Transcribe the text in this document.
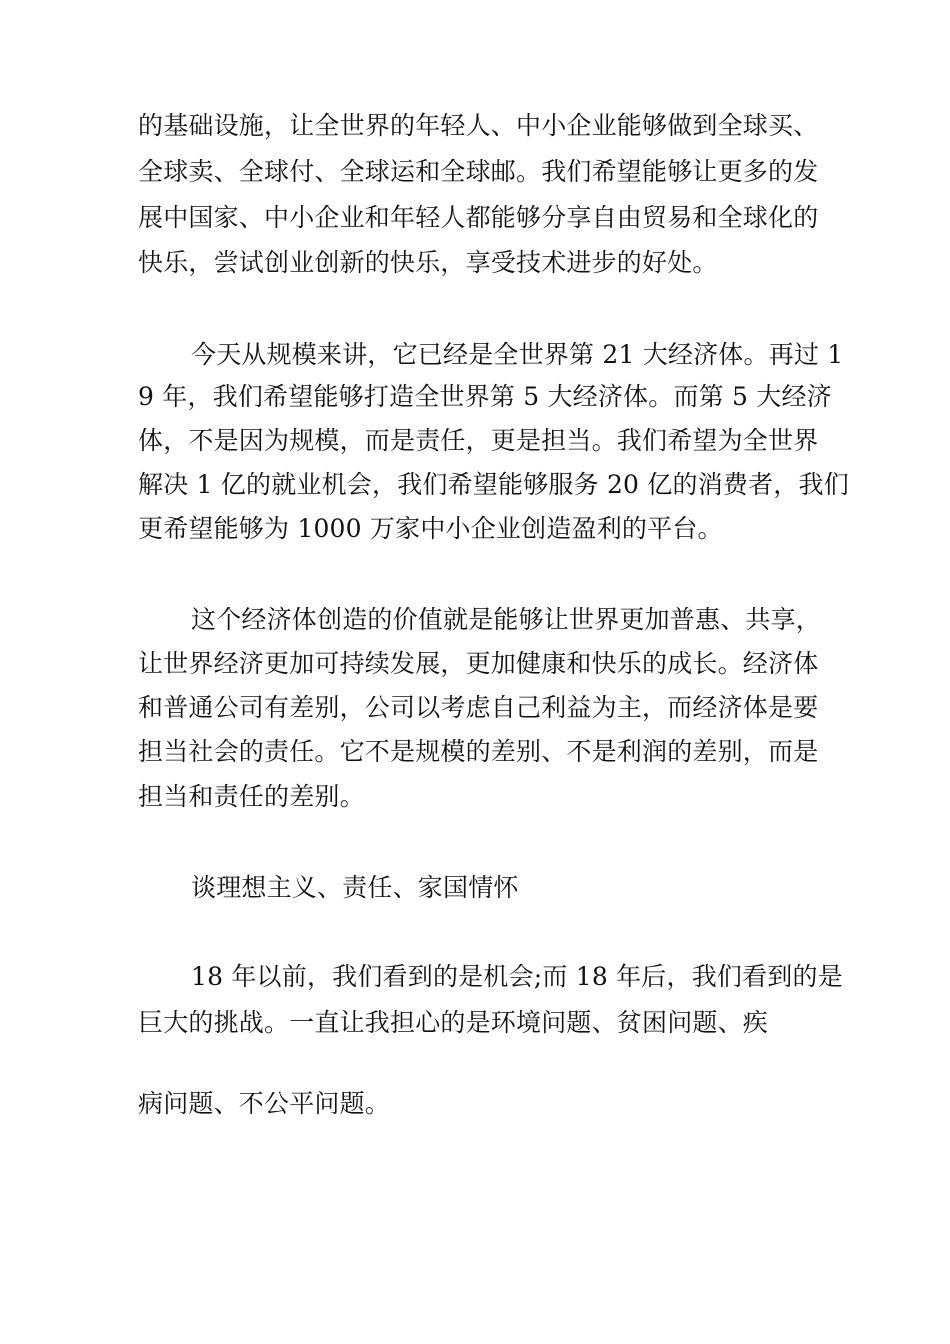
的基础设施，让全世界的年轻人、中小企业能够做到全球买、
全球卖、全球付、全球运和全球邮。我们希望能够让更多的发
展中国家、中小企业和年轻人都能够分享自由贸易和全球化的
快乐，尝试创业创新的快乐，享受技术进步的好处。
今天从规模来讲，它已经是全世界第 21 大经济体。再过 1
9 年，我们希望能够打造全世界第 5 大经济体。而第 5 大经济
体，不是因为规模，而是责任，更是担当。我们希望为全世界
解决 1 亿的就业机会，我们希望能够服务 20 亿的消费者，我们
更希望能够为 1000 万家中小企业创造盈利的平台。
这个经济体创造的价值就是能够让世界更加普惠、共享，
让世界经济更加可持续发展，更加健康和快乐的成长。经济体
和普通公司有差别，公司以考虑自己利益为主，而经济体是要
担当社会的责任。它不是规模的差别、不是利润的差别，而是
担当和责任的差别。
谈理想主义、责任、家国情怀
18 年以前，我们看到的是机会;而 18 年后，我们看到的是
巨大的挑战。一直让我担心的是环境问题、贫困问题、疾
病问题、不公平问题。
